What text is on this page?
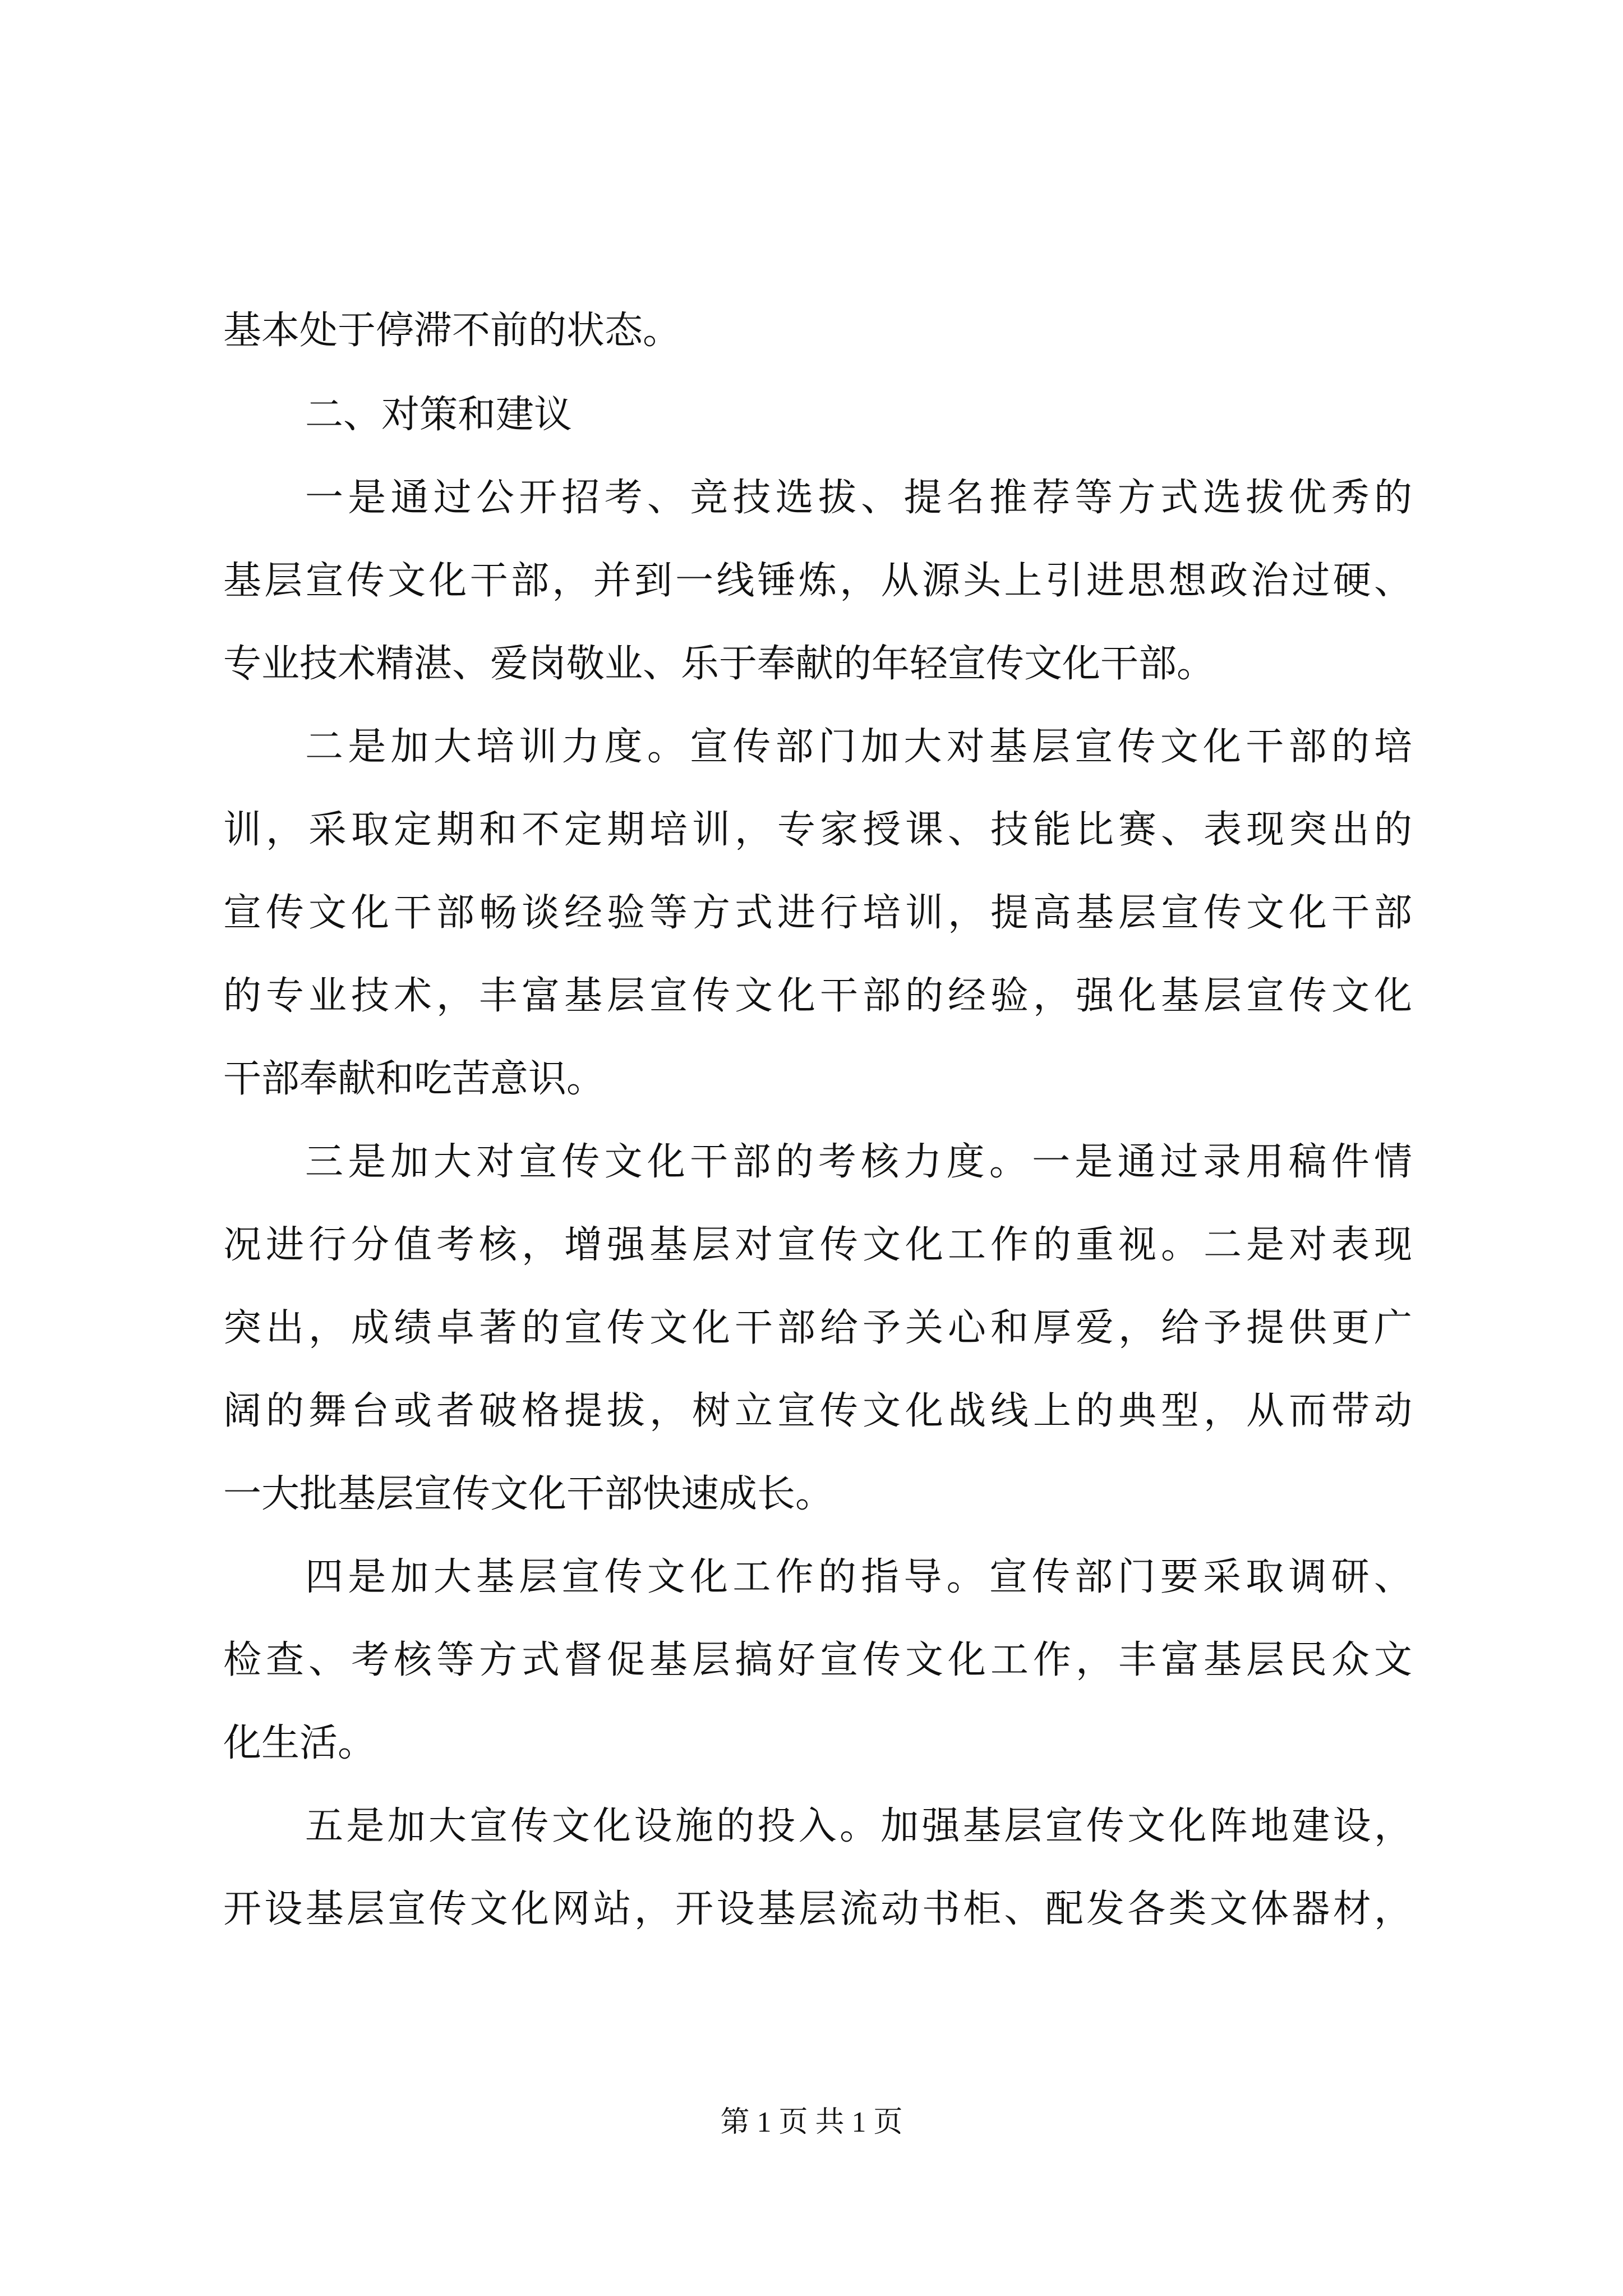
基本处于停滞不前的状态。
二、对策和建议
一是通过公开招考、竞技选拔、提名推荐等方式选拔优秀的
基层宣传文化干部，并到一线锤炼，从源头上引进思想政治过硬、
专业技术精湛、爱岗敬业、乐于奉献的年轻宣传文化干部。
二是加大培训力度。宣传部门加大对基层宣传文化干部的培
训，采取定期和不定期培训，专家授课、技能比赛、表现突出的
宣传文化干部畅谈经验等方式进行培训，提高基层宣传文化干部
的专业技术，丰富基层宣传文化干部的经验，强化基层宣传文化
干部奉献和吃苦意识。
三是加大对宣传文化干部的考核力度。一是通过录用稿件情
况进行分值考核，增强基层对宣传文化工作的重视。二是对表现
突出，成绩卓著的宣传文化干部给予关心和厚爱，给予提供更广
阔的舞台或者破格提拔，树立宣传文化战线上的典型，从而带动
一大批基层宣传文化干部快速成长。
四是加大基层宣传文化工作的指导。宣传部门要采取调研、
检查、考核等方式督促基层搞好宣传文化工作，丰富基层民众文
化生活。
五是加大宣传文化设施的投入。加强基层宣传文化阵地建设，
开设基层宣传文化网站，开设基层流动书柜、配发各类文体器材，
第 1 页 共 1 页
